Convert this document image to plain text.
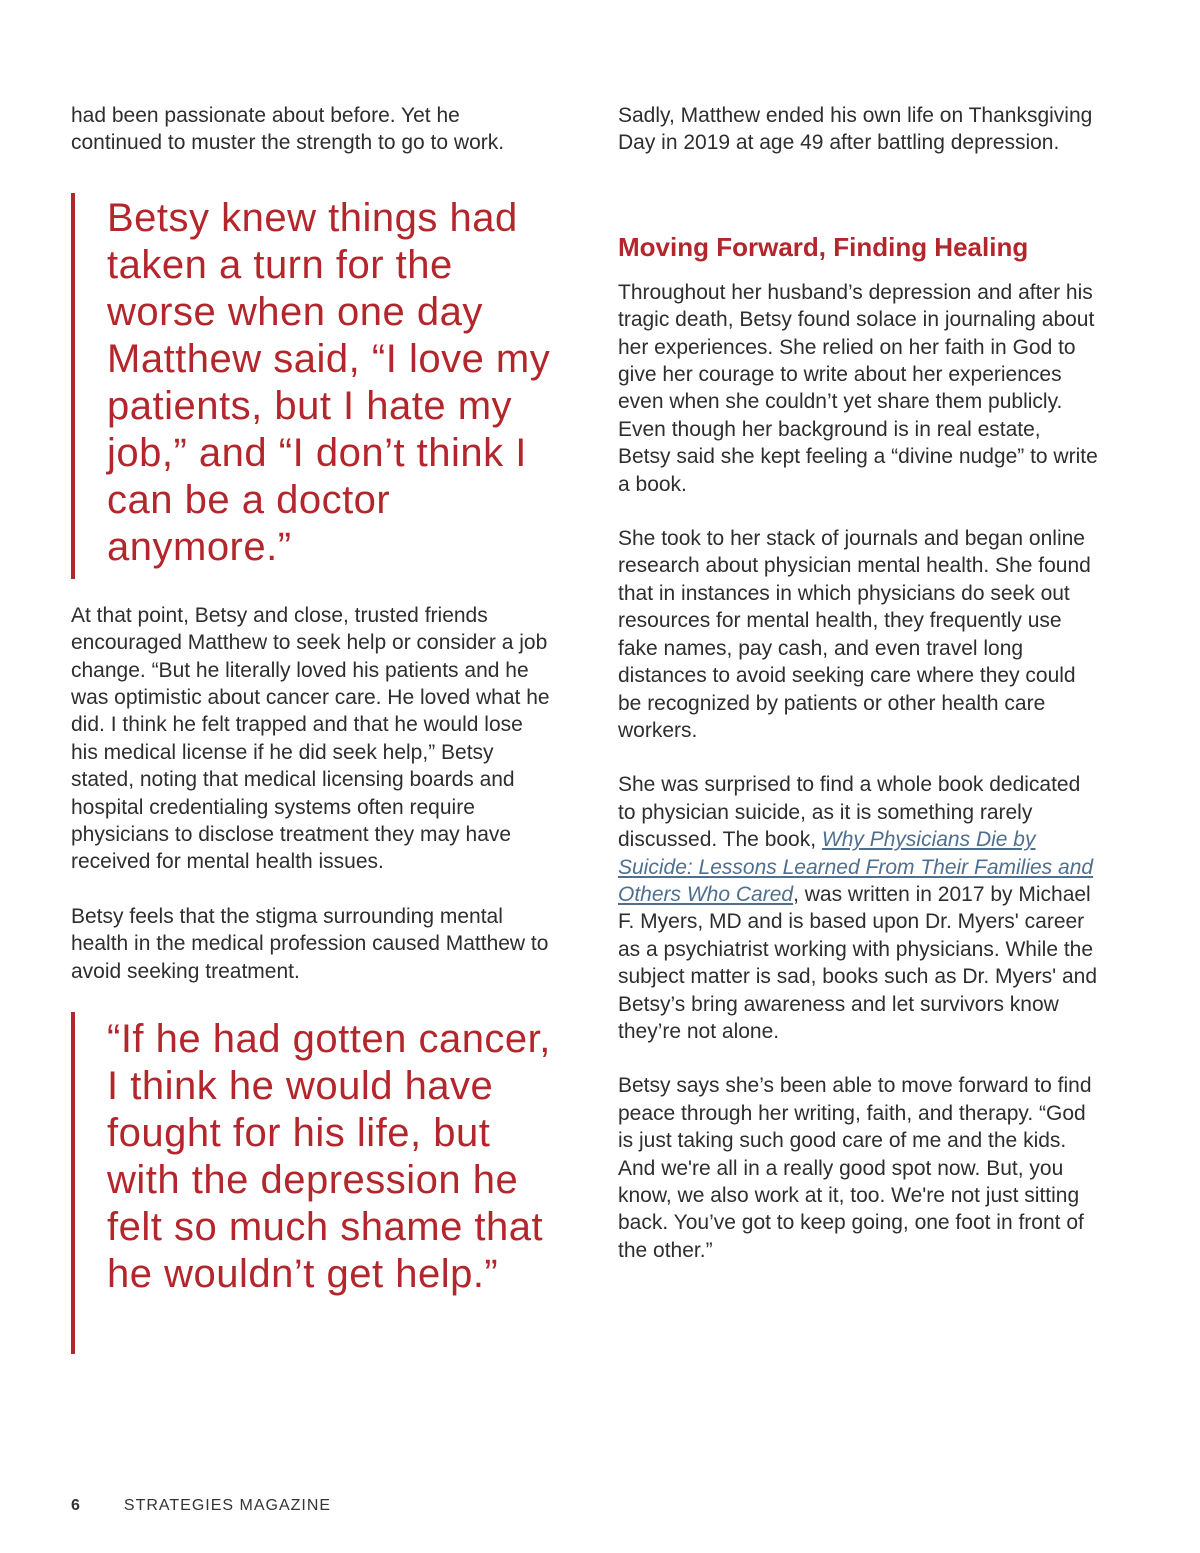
had been passionate about before. Yet he continued to muster the strength to go to work.

Betsy knew things had taken a turn for the worse when one day Matthew said, “I love my patients, but I hate my job,” and “I don’t think I can be a doctor anymore.”

At that point, Betsy and close, trusted friends encouraged Matthew to seek help or consider a job change. “But he literally loved his patients and he was optimistic about cancer care. He loved what he did. I think he felt trapped and that he would lose his medical license if he did seek help,” Betsy stated, noting that medical licensing boards and hospital credentialing systems often require physicians to disclose treatment they may have received for mental health issues.

Betsy feels that the stigma surrounding mental health in the medical profession caused Matthew to avoid seeking treatment.

“If he had gotten cancer, I think he would have fought for his life, but with the depression he felt so much shame that he wouldn’t get help.”

Sadly, Matthew ended his own life on Thanksgiving Day in 2019 at age 49 after battling depression.

Moving Forward, Finding Healing

Throughout her husband’s depression and after his tragic death, Betsy found solace in journaling about her experiences. She relied on her faith in God to give her courage to write about her experiences even when she couldn’t yet share them publicly. Even though her background is in real estate, Betsy said she kept feeling a “divine nudge” to write a book.

She took to her stack of journals and began online research about physician mental health. She found that in instances in which physicians do seek out resources for mental health, they frequently use fake names, pay cash, and even travel long distances to avoid seeking care where they could be recognized by patients or other health care workers.

She was surprised to find a whole book dedicated to physician suicide, as it is something rarely discussed. The book, Why Physicians Die by Suicide: Lessons Learned From Their Families and Others Who Cared, was written in 2017 by Michael F. Myers, MD and is based upon Dr. Myers' career as a psychiatrist working with physicians. While the subject matter is sad, books such as Dr. Myers' and Betsy’s bring awareness and let survivors know they’re not alone.

Betsy says she’s been able to move forward to find peace through her writing, faith, and therapy. “God is just taking such good care of me and the kids. And we're all in a really good spot now. But, you know, we also work at it, too. We're not just sitting back. You’ve got to keep going, one foot in front of the other.”

6	STRATEGIES MAGAZINE
